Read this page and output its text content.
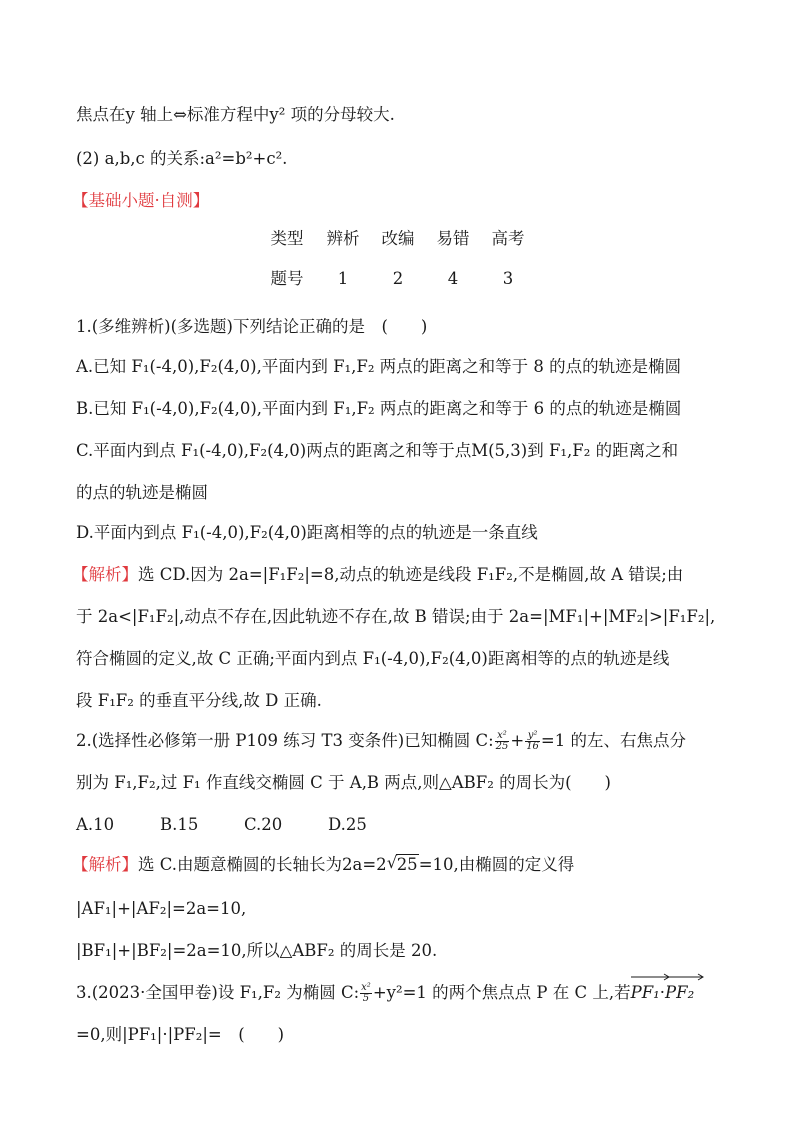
焦点在y 轴上⇔标准方程中y² 项的分母较大.
(2) a,b,c 的关系:a²=b²+c².
【基础小题·自测】
类型	辨析	改编	易错	高考
题号	1	2	4	3
1.(多维辨析)(多选题)下列结论正确的是　(　　)
A.已知 F₁(-4,0),F₂(4,0),平面内到 F₁,F₂ 两点的距离之和等于 8 的点的轨迹是椭圆
B.已知 F₁(-4,0),F₂(4,0),平面内到 F₁,F₂ 两点的距离之和等于 6 的点的轨迹是椭圆
C.平面内到点 F₁(-4,0),F₂(4,0)两点的距离之和等于点M(5,3)到 F₁,F₂ 的距离之和
的点的轨迹是椭圆
D.平面内到点 F₁(-4,0),F₂(4,0)距离相等的点的轨迹是一条直线
【解析】选 CD.因为 2a=|F₁F₂|=8,动点的轨迹是线段 F₁F₂,不是椭圆,故 A 错误;由
于 2a<|F₁F₂|,动点不存在,因此轨迹不存在,故 B 错误;由于 2a=|MF₁|+|MF₂|>|F₁F₂|,
符合椭圆的定义,故 C 正确;平面内到点 F₁(-4,0),F₂(4,0)距离相等的点的轨迹是线
段 F₁F₂ 的垂直平分线,故 D 正确.
2.(选择性必修第一册 P109 练习 T3 变条件)已知椭圆 C: $\frac{\text{x²}}{25} + \frac{\text{y²}}{16} =1$ 的左、右焦点分
别为 F₁,F₂,过 F₁ 作直线交椭圆 C 于 A,B 两点,则△ABF₂ 的周长为(　　)
A.10	B.15	C.20	D.25
【解析】选 C.由题意椭圆的长轴长为2a=2 √ 25=10,由椭圆的定义得
|AF₁|+|AF₂|=2a=10,
|BF₁|+|BF₂|=2a=10,所以△ABF₂ 的周长是 20.
3.(2023·全国甲卷)设 F₁,F₂ 为椭圆 C: $\frac{\text{x²}}{5} +y^2=1$ 的两个焦点点 P 在 C 上,若
PF₁·
PF₂
=0,则|PF₁|·|PF₂|=　(　　)
